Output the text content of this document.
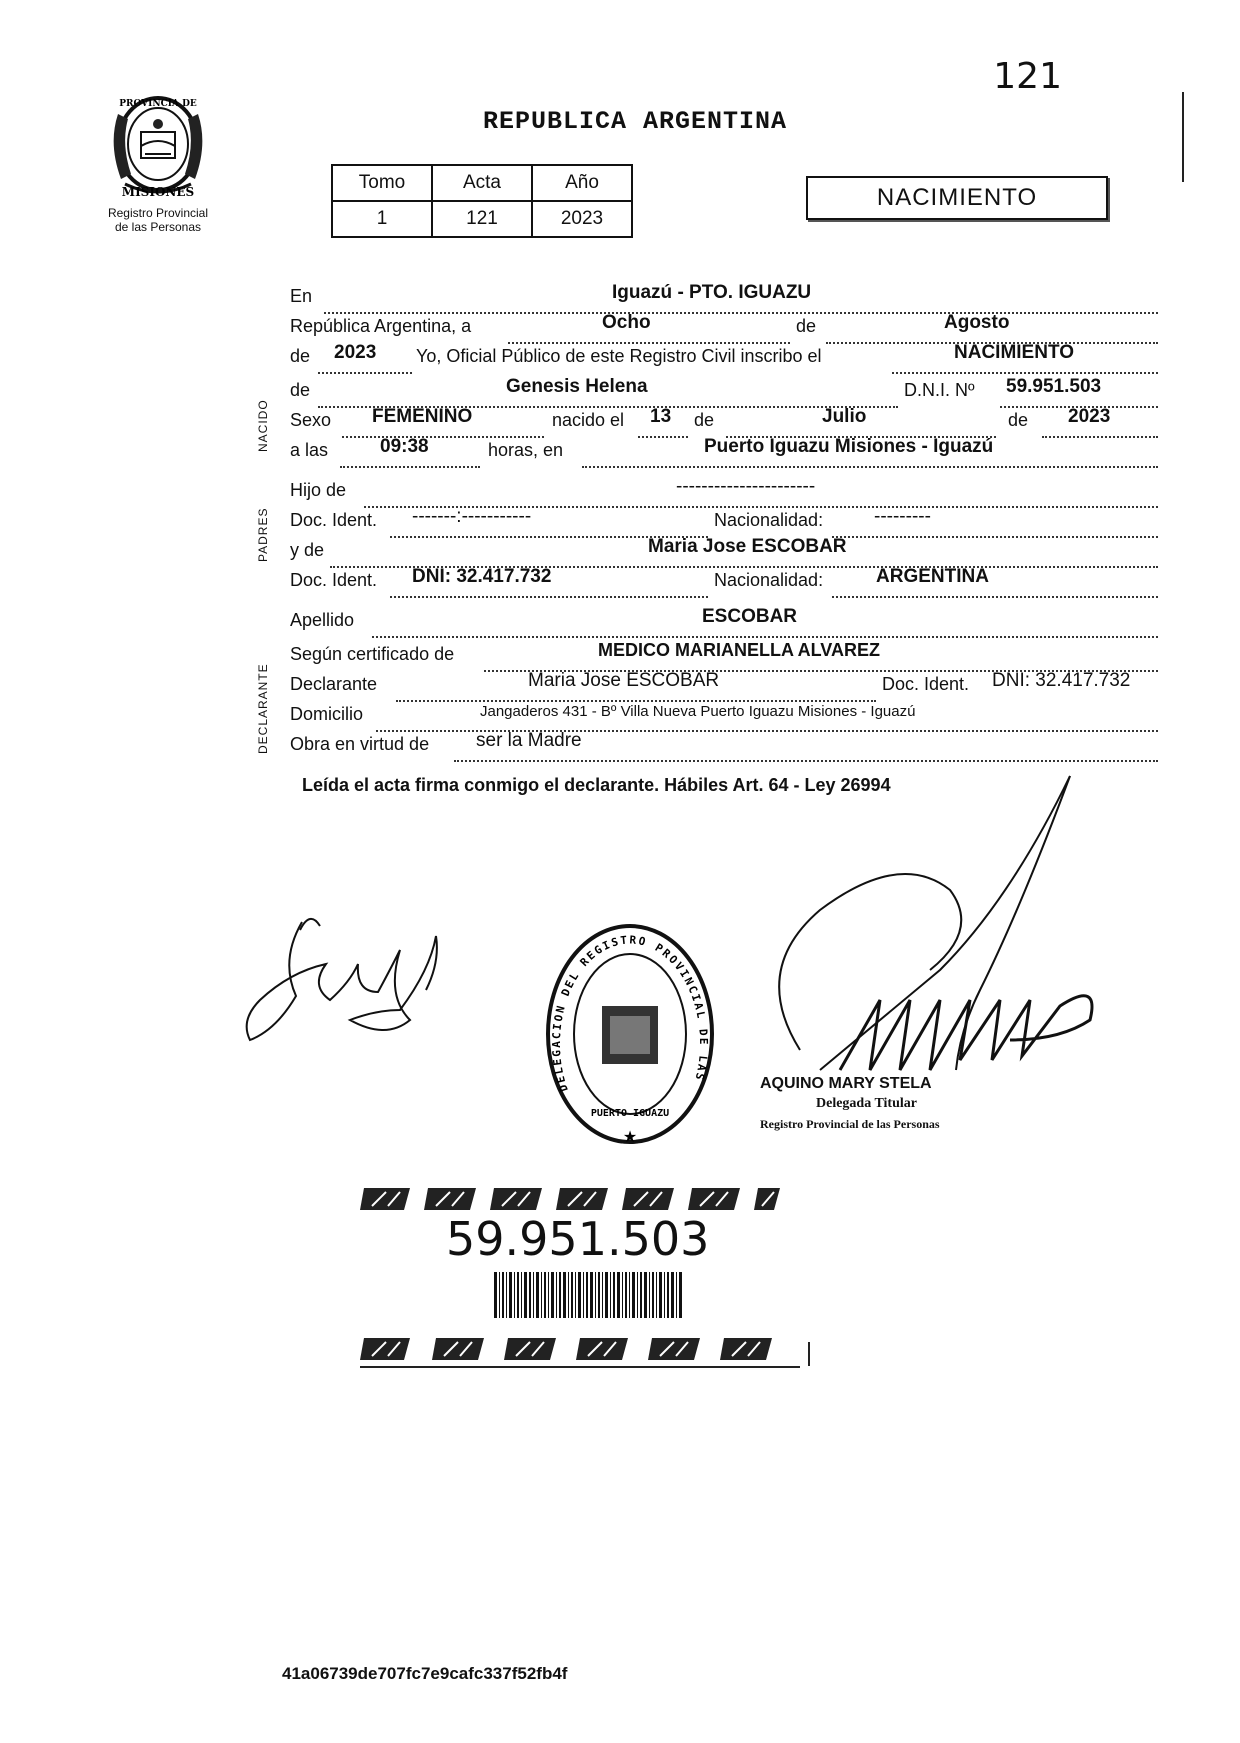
121
PROVINCIA DE
MISIONES
Registro Provincial
de las Personas
REPUBLICA ARGENTINA
Tomo	Acta	Año
1	121	2023
NACIMIENTO
NACIDO
PADRES
DECLARANTE
En	Iguazú - PTO. IGUAZU
República Argentina, a	Ocho	de	Agosto
de 2023 Yo, Oficial Público de este Registro Civil inscribo el	NACIMIENTO
de	Genesis Helena	D.N.I. Nº 59.951.503
Sexo FEMENINO	nacido el 13 de	Julio	de 2023
a las	09:38	horas, en	Puerto Iguazu Misiones - Iguazú
Hijo de	----------------------
Doc. Ident. -------:-----------	Nacionalidad:	---------
y de	Maria Jose ESCOBAR
Doc. Ident. DNI: 32.417.732	Nacionalidad:	ARGENTINA
Apellido	ESCOBAR
Según certificado de	MEDICO MARIANELLA ALVAREZ
Declarante	Maria Jose ESCOBAR	Doc. Ident. DNI: 32.417.732
Domicilio	Jangaderos 431 - Bº Villa Nueva Puerto Iguazu Misiones - Iguazú
Obra en virtud de ser la Madre
Leída el acta firma conmigo el declarante. Hábiles Art. 64 - Ley 26994
DELEGACION DEL REGISTRO PROVINCIAL DE LAS
PUERTO IGUAZU
★
AQUINO MARY STELA
Delegada Titular
Registro Provincial de las Personas
59.951.503
41a06739de707fc7e9cafc337f52fb4f
